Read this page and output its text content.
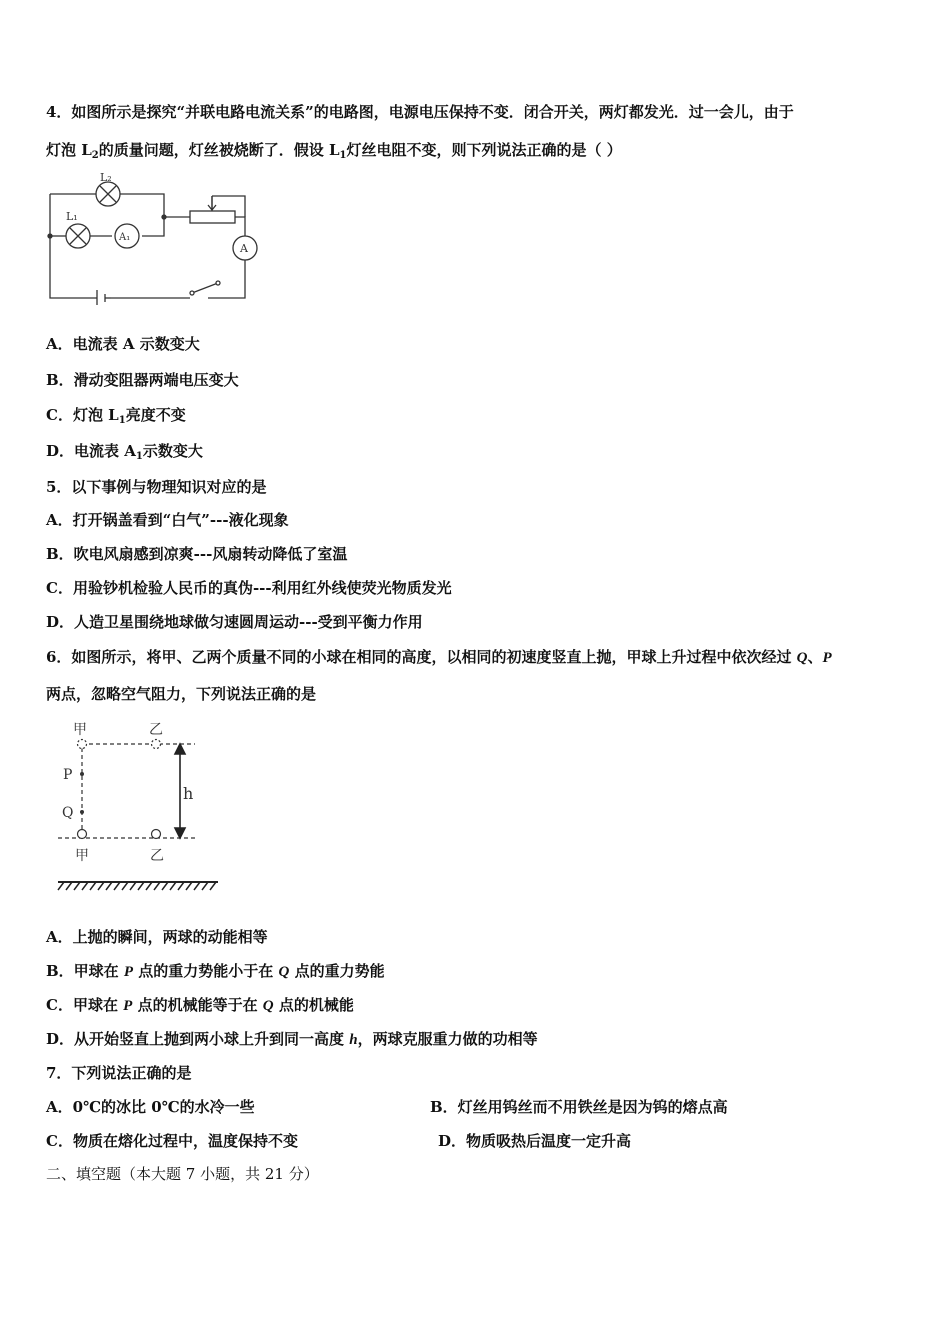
4．如图所示是探究“并联电路电流关系”的电路图，电源电压保持不变．闭合开关，两灯都发光．过一会儿，由于
灯泡 $L_2$的质量问题，灯丝被烧断了．假设 $L_1$灯丝电阻不变，则下列说法正确的是（ ）
L₂
L₁
A₁
A
A．电流表 A 示数变大
B．滑动变阻器两端电压变大
C．灯泡 $L_1$亮度不变
D．电流表 $A_1$示数变大
5．以下事例与物理知识对应的是
A．打开锅盖看到“白气”---液化现象
B．吹电风扇感到凉爽---风扇转动降低了室温
C．用验钞机检验人民币的真伪---利用红外线使荧光物质发光
D．人造卫星围绕地球做匀速圆周运动---受到平衡力作用
6．如图所示，将甲、乙两个质量不同的小球在相同的高度，以相同的初速度竖直上抛，甲球上升过程中依次经过 Q、P
两点，忽略空气阻力，下列说法正确的是
甲	乙
P
Q
h
甲	乙
A．上抛的瞬间，两球的动能相等
B．甲球在 P 点的重力势能小于在 Q 点的重力势能
C．甲球在 P 点的机械能等于在 Q 点的机械能
D．从开始竖直上抛到两小球上升到同一高度 h，两球克服重力做的功相等
7．下列说法正确的是
A．0℃的冰比 0℃的水冷一些	B．灯丝用钨丝而不用铁丝是因为钨的熔点高
C．物质在熔化过程中，温度保持不变	D．物质吸热后温度一定升高
二、填空题（本大题 7 小题，共 21 分）
